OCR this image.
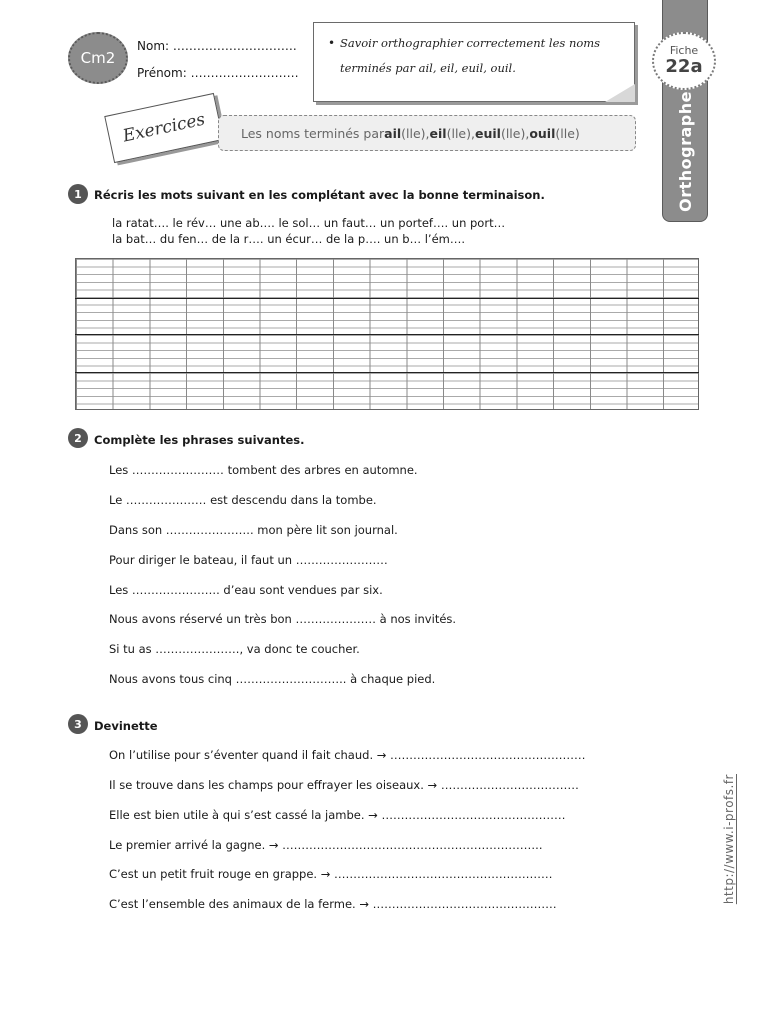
Cm2
Nom: ………………………….
Prénom: ………………………
• Savoir orthographier correctement les noms terminés par ail, eil, euil, ouil.
Orthographe
Fiche
22a
Exercices	Les noms terminés par ail (lle), eil (lle), euil (lle), ouil (lle)
1	Récris les mots suivant en les complétant avec la bonne terminaison.
la ratat…. le rév… une ab…. le sol… un faut… un portef…. un port…
la bat… du fen… de la r…. un écur… de la p…. un b… l’ém….
2	Complète les phrases suivantes.
Les …………………… tombent des arbres en automne.
Le ………………… est descendu dans la tombe.
Dans son ………………….. mon père lit son journal.
Pour diriger le bateau, il faut un ……………………
Les ………………….. d’eau sont vendues par six.
Nous avons réservé un très bon ………………… à nos invités.
Si tu as …………………., va donc te coucher.
Nous avons tous cinq ……………………….. à chaque pied.
3	Devinette
On l’utilise pour s’éventer quand il fait chaud. → ……………………………………………
Il se trouve dans les champs pour effrayer les oiseaux. → ………………………………
Elle est bien utile à qui s’est cassé la jambe. → …………………………………………
Le premier arrivé la gagne. → …………………………………………………………..
C’est un petit fruit rouge en grappe. → …………………………………………………
C’est l’ensemble des animaux de la ferme. → …………………………………………	http://www.i-profs.fr
